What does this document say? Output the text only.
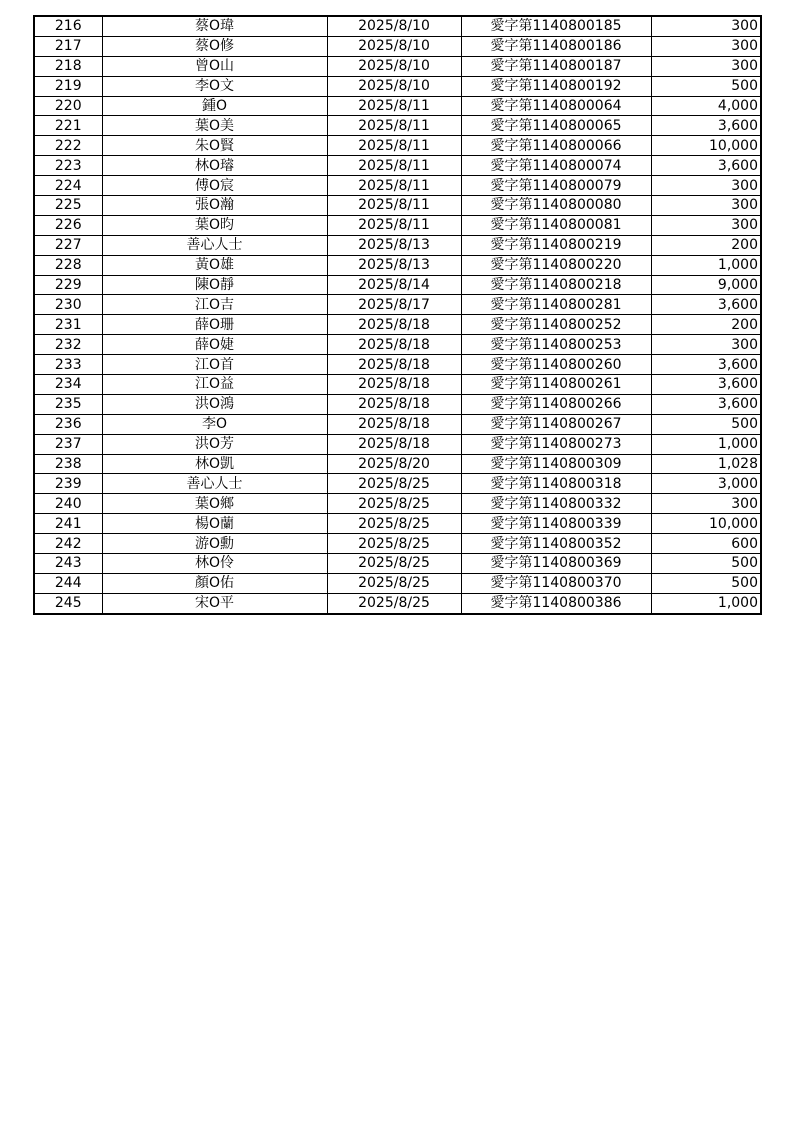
216	蔡O瑋	2025/8/10	愛字第1140800185	300
217	蔡O修	2025/8/10	愛字第1140800186	300
218	曾O山	2025/8/10	愛字第1140800187	300
219	李O文	2025/8/10	愛字第1140800192	500
220	鍾O	2025/8/11	愛字第1140800064	4,000
221	葉O美	2025/8/11	愛字第1140800065	3,600
222	朱O賢	2025/8/11	愛字第1140800066	10,000
223	林O璿	2025/8/11	愛字第1140800074	3,600
224	傅O宸	2025/8/11	愛字第1140800079	300
225	張O瀚	2025/8/11	愛字第1140800080	300
226	葉O昀	2025/8/11	愛字第1140800081	300
227	善心人士	2025/8/13	愛字第1140800219	200
228	黃O雄	2025/8/13	愛字第1140800220	1,000
229	陳O靜	2025/8/14	愛字第1140800218	9,000
230	江O吉	2025/8/17	愛字第1140800281	3,600
231	薛O珊	2025/8/18	愛字第1140800252	200
232	薛O婕	2025/8/18	愛字第1140800253	300
233	江O首	2025/8/18	愛字第1140800260	3,600
234	江O益	2025/8/18	愛字第1140800261	3,600
235	洪O鴻	2025/8/18	愛字第1140800266	3,600
236	李O	2025/8/18	愛字第1140800267	500
237	洪O芳	2025/8/18	愛字第1140800273	1,000
238	林O凱	2025/8/20	愛字第1140800309	1,028
239	善心人士	2025/8/25	愛字第1140800318	3,000
240	葉O鄉	2025/8/25	愛字第1140800332	300
241	楊O蘭	2025/8/25	愛字第1140800339	10,000
242	游O勳	2025/8/25	愛字第1140800352	600
243	林O伶	2025/8/25	愛字第1140800369	500
244	顏O佑	2025/8/25	愛字第1140800370	500
245	宋O平	2025/8/25	愛字第1140800386	1,000
